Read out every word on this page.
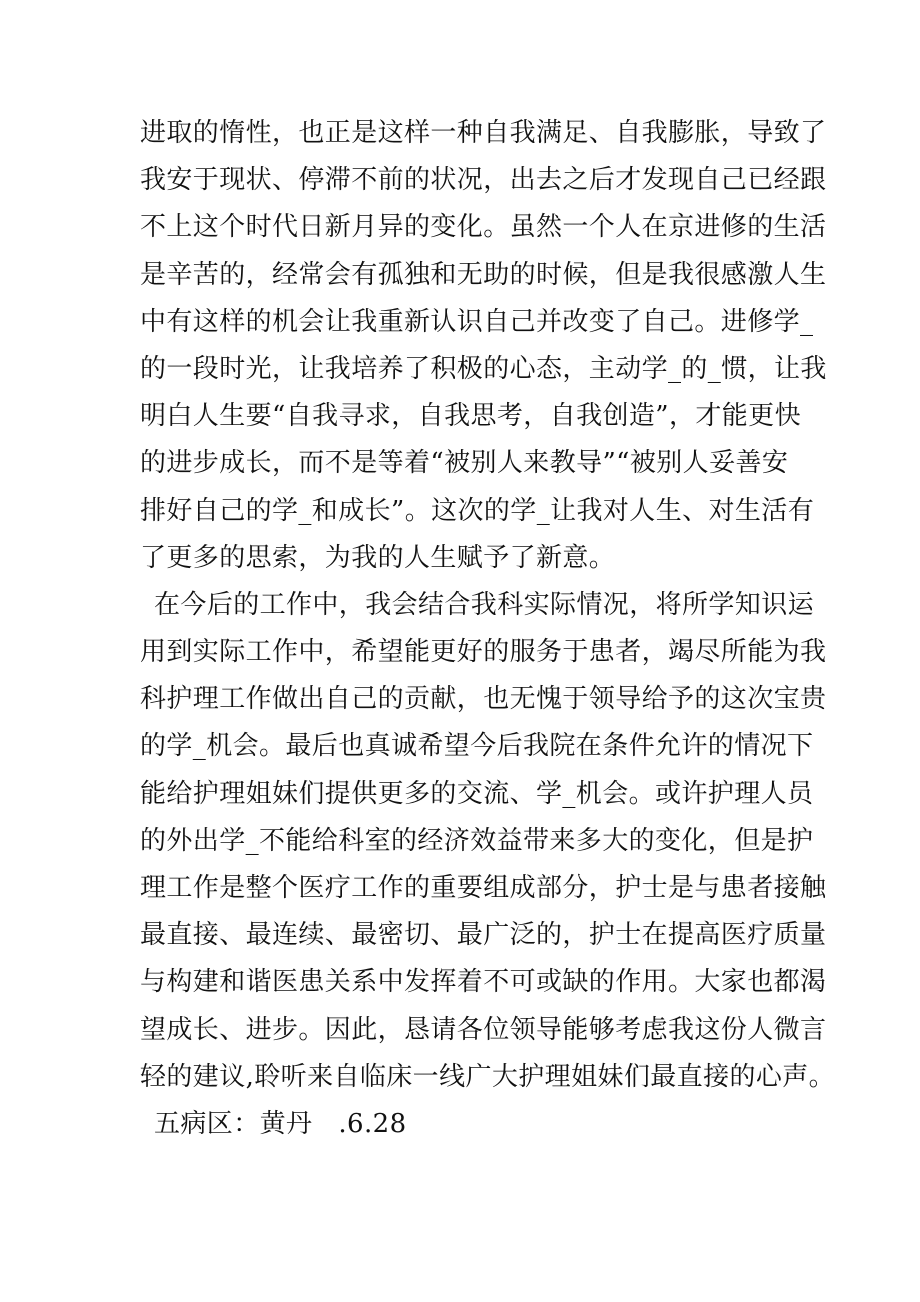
进取的惰性，也正是这样一种自我满足、自我膨胀，导致了
我安于现状、停滞不前的状况，出去之后才发现自己已经跟
不上这个时代日新月异的变化。虽然一个人在京进修的生活
是辛苦的，经常会有孤独和无助的时候，但是我很感激人生
中有这样的机会让我重新认识自己并改变了自己。进修学_
的一段时光，让我培养了积极的心态，主动学_的_惯，让我
明白人生要“自我寻求，自我思考，自我创造”，才能更快
的进步成长，而不是等着“被别人来教导”“被别人妥善安
排好自己的学_和成长”。这次的学_让我对人生、对生活有
了更多的思索，为我的人生赋予了新意。
在今后的工作中，我会结合我科实际情况，将所学知识运
用到实际工作中，希望能更好的服务于患者，竭尽所能为我
科护理工作做出自己的贡献，也无愧于领导给予的这次宝贵
的学_机会。最后也真诚希望今后我院在条件允许的情况下
能给护理姐妹们提供更多的交流、学_机会。或许护理人员
的外出学_不能给科室的经济效益带来多大的变化，但是护
理工作是整个医疗工作的重要组成部分，护士是与患者接触
最直接、最连续、最密切、最广泛的，护士在提高医疗质量
与构建和谐医患关系中发挥着不可或缺的作用。大家也都渴
望成长、进步。因此，恳请各位领导能够考虑我这份人微言
轻的建议,聆听来自临床一线广大护理姐妹们最直接的心声。
五病区：黄丹   .6.28
